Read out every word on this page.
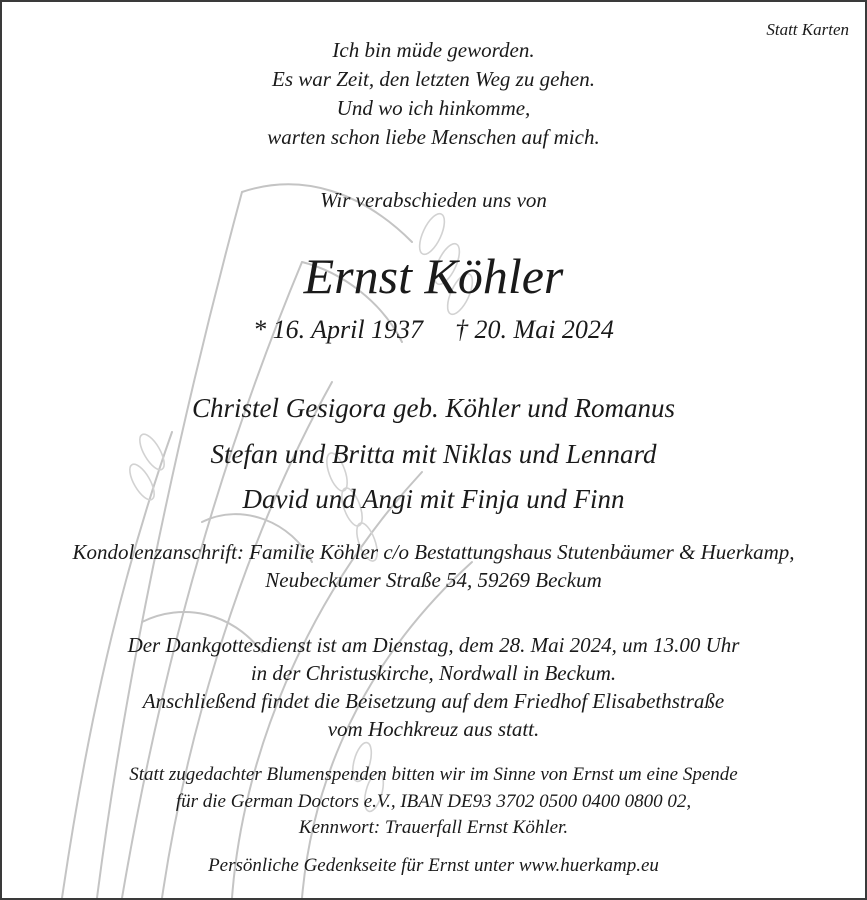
Statt Karten
Ich bin müde geworden.
Es war Zeit, den letzten Weg zu gehen.
Und wo ich hinkomme,
warten schon liebe Menschen auf mich.
Wir verabschieden uns von
Ernst Köhler
* 16. April 1937 † 20. Mai 2024
Christel Gesigora geb. Köhler und Romanus
Stefan und Britta mit Niklas und Lennard
David und Angi mit Finja und Finn
Kondolenzanschrift: Familie Köhler c/o Bestattungshaus Stutenbäumer & Huerkamp,
Neubeckumer Straße 54, 59269 Beckum
Der Dankgottesdienst ist am Dienstag, dem 28. Mai 2024, um 13.00 Uhr
in der Christuskirche, Nordwall in Beckum.
Anschließend findet die Beisetzung auf dem Friedhof Elisabethstraße
vom Hochkreuz aus statt.
Statt zugedachter Blumenspenden bitten wir im Sinne von Ernst um eine Spende
für die German Doctors e.V., IBAN DE93 3702 0500 0400 0800 02,
Kennwort: Trauerfall Ernst Köhler.
Persönliche Gedenkseite für Ernst unter www.huerkamp.eu
